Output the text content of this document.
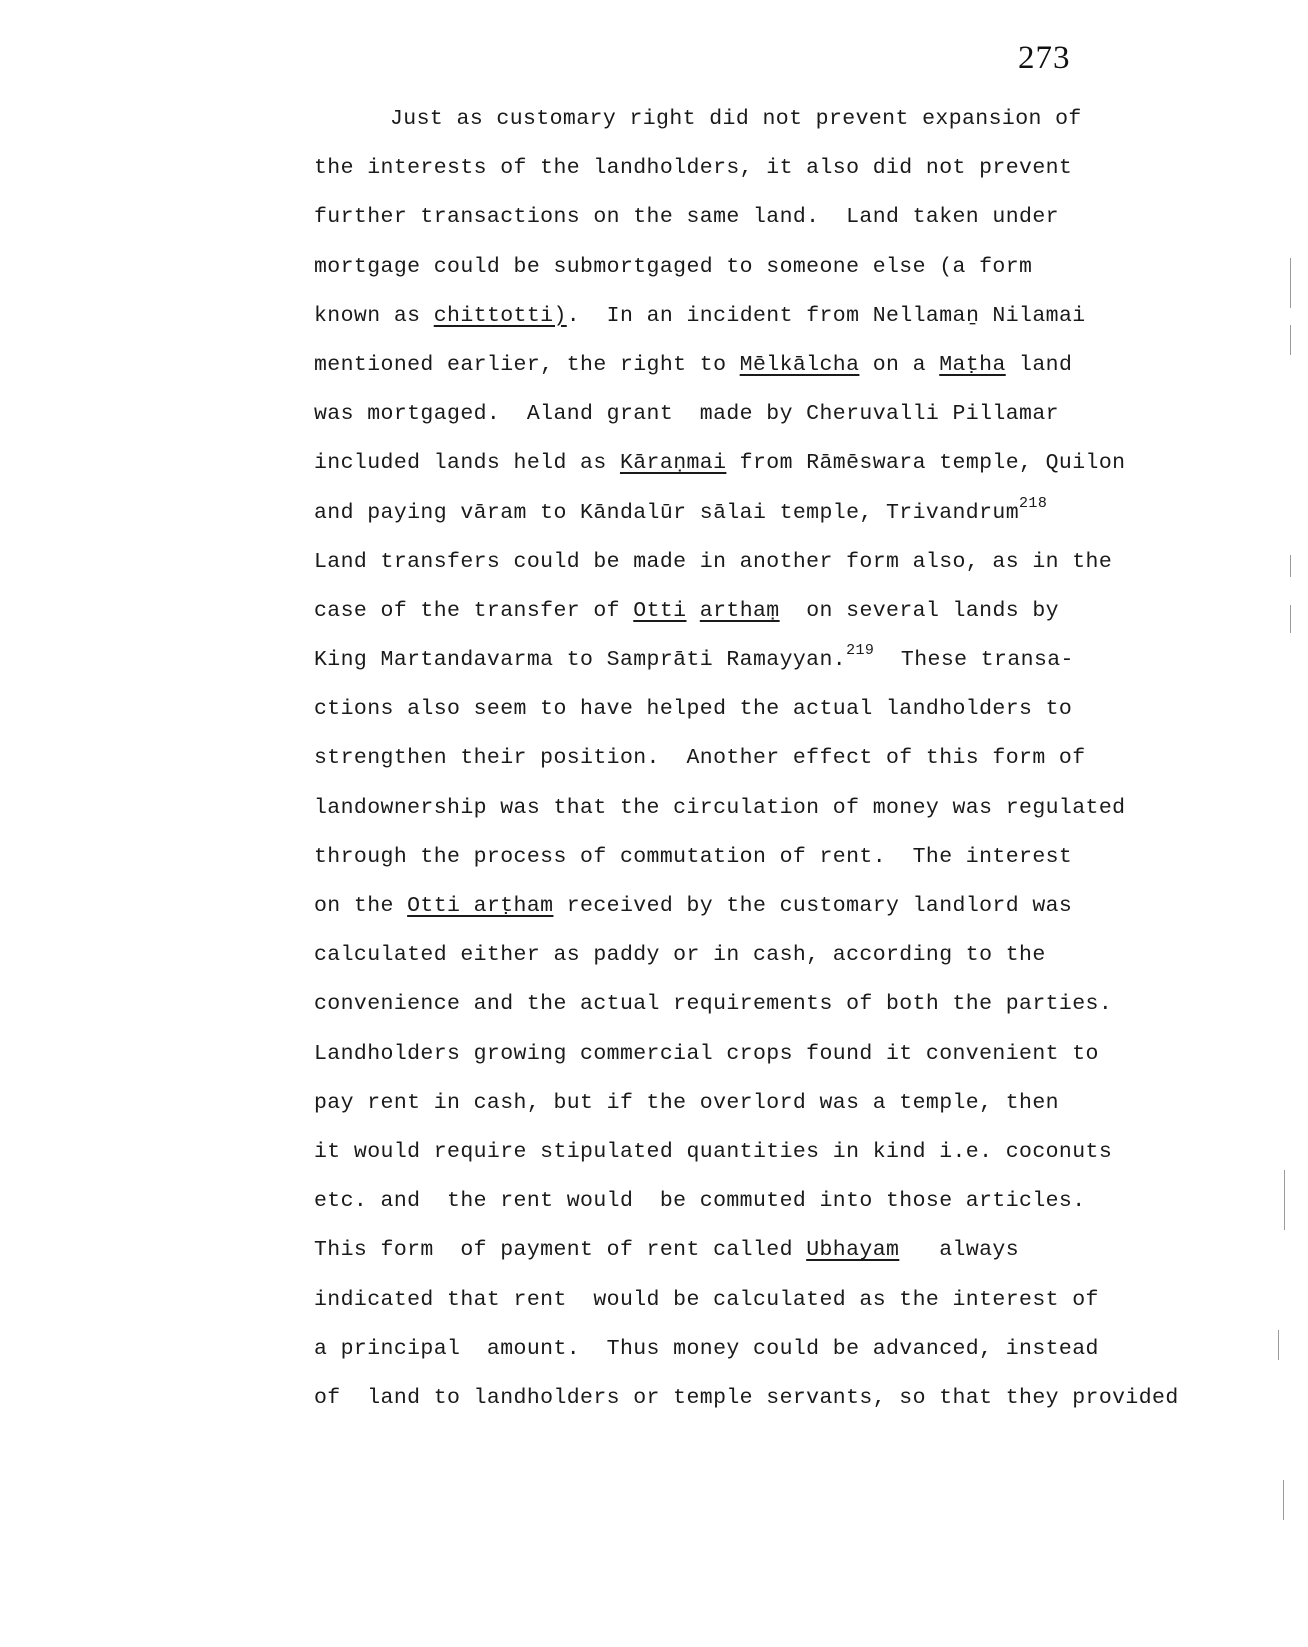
273
Just as customary right did not prevent expansion of
the interests of the landholders, it also did not prevent
further transactions on the same land.  Land taken under
mortgage could be submortgaged to someone else (a form
known as chittotti).  In an incident from Nellamaṉ Nilamai
mentioned earlier, the right to Mēlkālcha on a Maṭha land
was mortgaged.  Aland grant  made by Cheruvalli Pillamar
included lands held as Kāraṇmai from Rāmēswara temple, Quilon
and paying vāram to Kāndalūr sālai temple, Trivandrum$^{218}$
Land transfers could be made in another form also, as in the
case of the transfer of Otti arthaṃ  on several lands by
King Martandavarma to Samprāti Ramayyan.$^{219}$  These transa-
ctions also seem to have helped the actual landholders to
strengthen their position.  Another effect of this form of
landownership was that the circulation of money was regulated
through the process of commutation of rent.  The interest
on the Otti arṭham received by the customary landlord was
calculated either as paddy or in cash, according to the
convenience and the actual requirements of both the parties.
Landholders growing commercial crops found it convenient to
pay rent in cash, but if the overlord was a temple, then
it would require stipulated quantities in kind i.e. coconuts
etc. and  the rent would  be commuted into those articles.
This form  of payment of rent called Ubhayam   always
indicated that rent  would be calculated as the interest of
a principal  amount.  Thus money could be advanced, instead
of  land to landholders or temple servants, so that they provided
